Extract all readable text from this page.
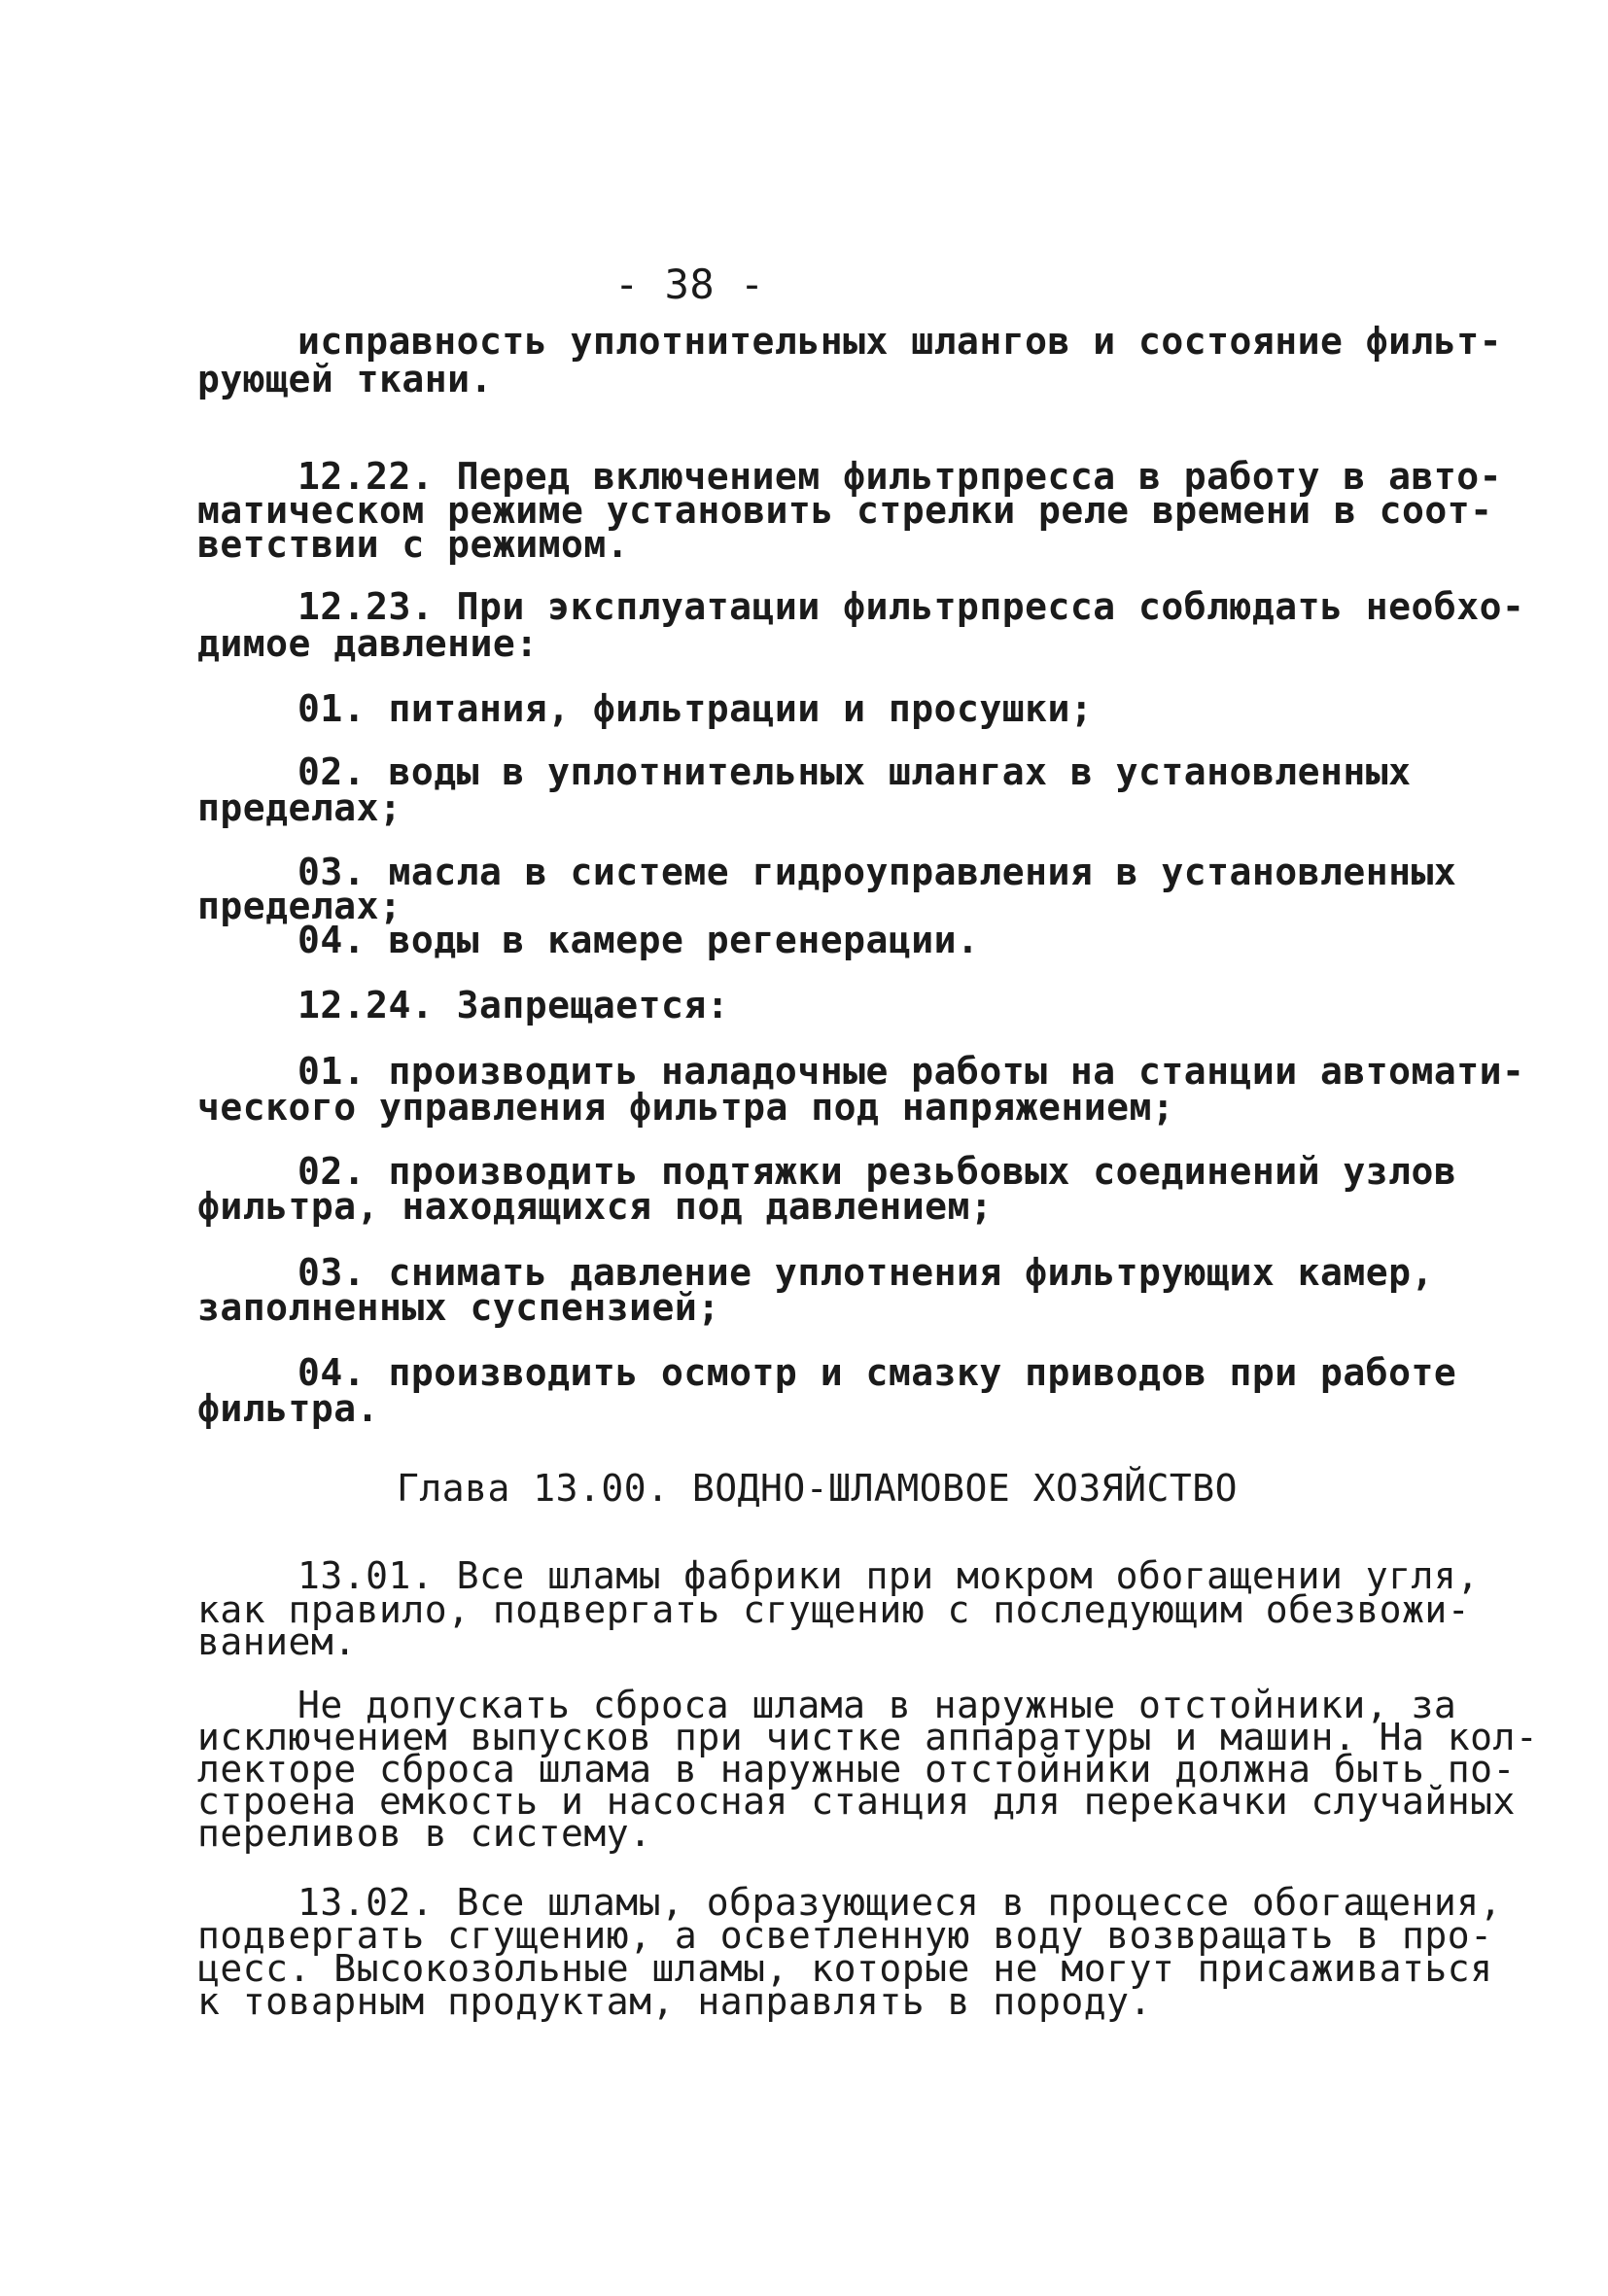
- 38 -
исправность уплотнительных шлангов и состояние фильт-
рующей ткани.
12.22. Перед включением фильтрпресса в работу в авто-
матическом режиме установить стрелки реле времени в соот-
ветствии с режимом.
12.23. При эксплуатации фильтрпресса соблюдать необхо-
димое давление:
01. питания, фильтрации и просушки;
02. воды в уплотнительных шлангах в установленных
пределах;
03. масла в системе гидроуправления в установленных
пределах;
04. воды в камере регенерации.
12.24. Запрещается:
01. производить наладочные работы на станции автомати-
ческого управления фильтра под напряжением;
02. производить подтяжки резьбовых соединений узлов
фильтра, находящихся под давлением;
03. снимать давление уплотнения фильтрующих камер,
заполненных суспензией;
04. производить осмотр и смазку приводов при работе
фильтра.
Глава 13.00. ВОДНО-ШЛАМОВОЕ ХОЗЯЙСТВО
13.01. Все шламы фабрики при мокром обогащении угля,
как правило, подвергать сгущению с последующим обезвожи-
ванием.
Не допускать сброса шлама в наружные отстойники, за
исключением выпусков при чистке аппаратуры и машин. На кол-
лекторе сброса шлама в наружные отстойники должна быть по-
строена емкость и насосная станция для перекачки случайных
переливов в систему.
13.02. Все шламы, образующиеся в процессе обогащения,
подвергать сгущению, а осветленную воду возвращать в про-
цесс. Высокозольные шламы, которые не могут присаживаться
к товарным продуктам, направлять в породу.
